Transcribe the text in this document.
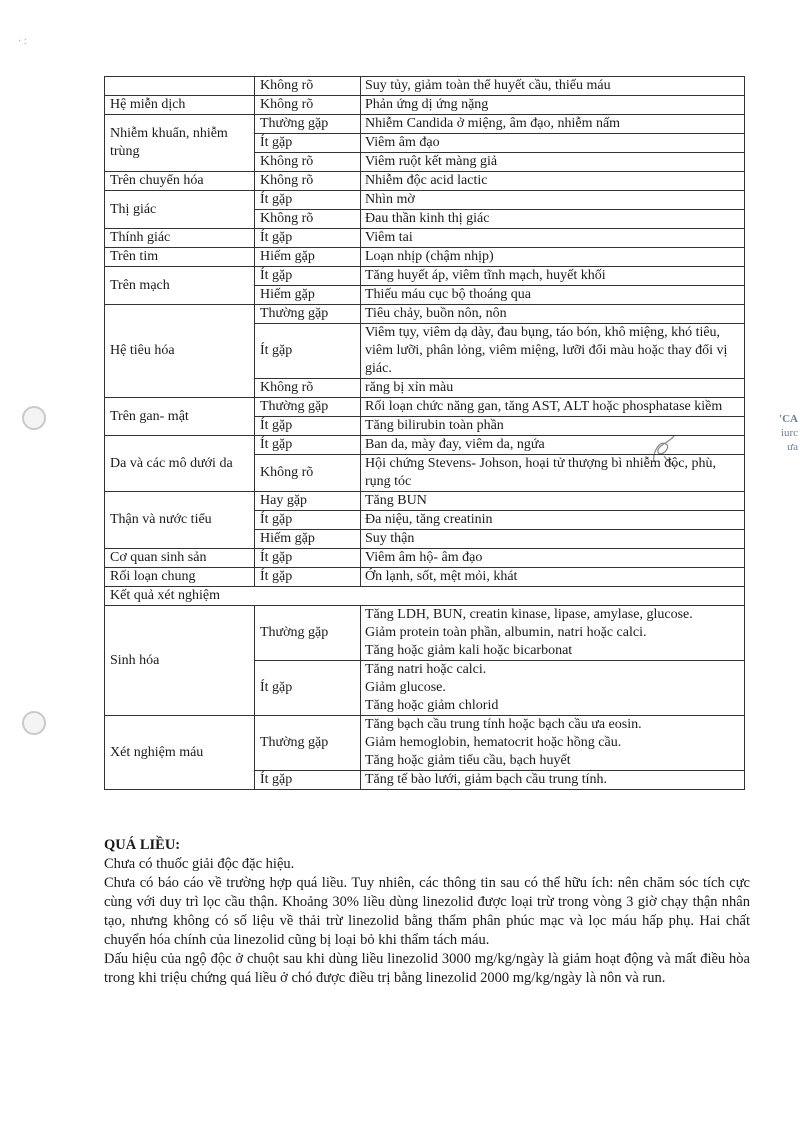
· :
'CA
iurc
ưa
	Không rõ	Suy tủy, giảm toàn thể huyết cầu, thiếu máu

Hệ miễn dịch	Không rõ	Phản ứng dị ứng nặng

Nhiễm khuẩn, nhiễm trùng	Thường gặp	Nhiễm Candida ở miệng, âm đạo, nhiễm nấm

	Ít gặp	Viêm âm đạo

	Không rõ	Viêm ruột kết màng giả

Trên chuyển hóa	Không rõ	Nhiễm độc acid lactic

Thị giác	Ít gặp	Nhìn mờ

	Không rõ	Đau thần kinh thị giác

Thính giác	Ít gặp	Viêm tai

Trên tim	Hiếm gặp	Loạn nhịp (chậm nhịp)

Trên mạch	Ít gặp	Tăng huyết áp, viêm tĩnh mạch, huyết khối

	Hiếm gặp	Thiếu máu cục bộ thoáng qua

Hệ tiêu hóa	Thường gặp	Tiêu chảy, buồn nôn, nôn

	Ít gặp	Viêm tụy, viêm dạ dày, đau bụng, táo bón, khô miệng, khó tiêu, viêm lưỡi, phân lỏng, viêm miệng, lưỡi đổi màu hoặc thay đổi vị giác.

	Không rõ	răng bị xỉn màu

Trên gan- mật	Thường gặp	Rối loạn chức năng gan, tăng AST, ALT hoặc phosphatase kiềm

	Ít gặp	Tăng bilirubin toàn phần

Da và các mô dưới da	Ít gặp	Ban da, mày đay, viêm da, ngứa

	Không rõ	Hội chứng Stevens- Johson, hoại tử thượng bì nhiễm độc, phù, rụng tóc

Thận và nước tiểu	Hay gặp	Tăng BUN

	Ít gặp	Đa niệu, tăng creatinin

	Hiếm gặp	Suy thận

Cơ quan sinh sản	Ít gặp	Viêm âm hộ- âm đạo

Rối loạn chung	Ít gặp	Ớn lạnh, sốt, mệt mỏi, khát

Kết quả xét nghiệm		
Sinh hóa	Thường gặp	Tăng LDH, BUN, creatin kinase, lipase, amylase, glucose.
Giảm protein toàn phần, albumin, natri hoặc calci.
Tăng hoặc giảm kali hoặc bicarbonat

	Ít gặp	Tăng natri hoặc calci.
Giảm glucose.
Tăng hoặc giảm chlorid

Xét nghiệm máu	Thường gặp	Tăng bạch cầu trung tính hoặc bạch cầu ưa eosin.
Giảm hemoglobin, hematocrit hoặc hồng cầu.
Tăng hoặc giảm tiểu cầu, bạch huyết

	Ít gặp	Tăng tế bào lưới, giảm bạch cầu trung tính.
QUÁ LIỀU:

Chưa có thuốc giải độc đặc hiệu.

Chưa có báo cáo về trường hợp quá liều. Tuy nhiên, các thông tin sau có thể hữu ích: nên chăm sóc tích cực cùng với duy trì lọc cầu thận. Khoảng 30% liều dùng linezolid được loại trừ trong vòng 3 giờ chạy thận nhân tạo, nhưng không có số liệu về thải trừ linezolid bằng thẩm phân phúc mạc và lọc máu hấp phụ. Hai chất chuyển hóa chính của linezolid cũng bị loại bỏ khi thẩm tách máu.

Dấu hiệu của ngộ độc ở chuột sau khi dùng liều linezolid 3000 mg/kg/ngày là giảm hoạt động và mất điều hòa trong khi triệu chứng quá liều ở chó được điều trị bằng linezolid 2000 mg/kg/ngày là nôn và run.
